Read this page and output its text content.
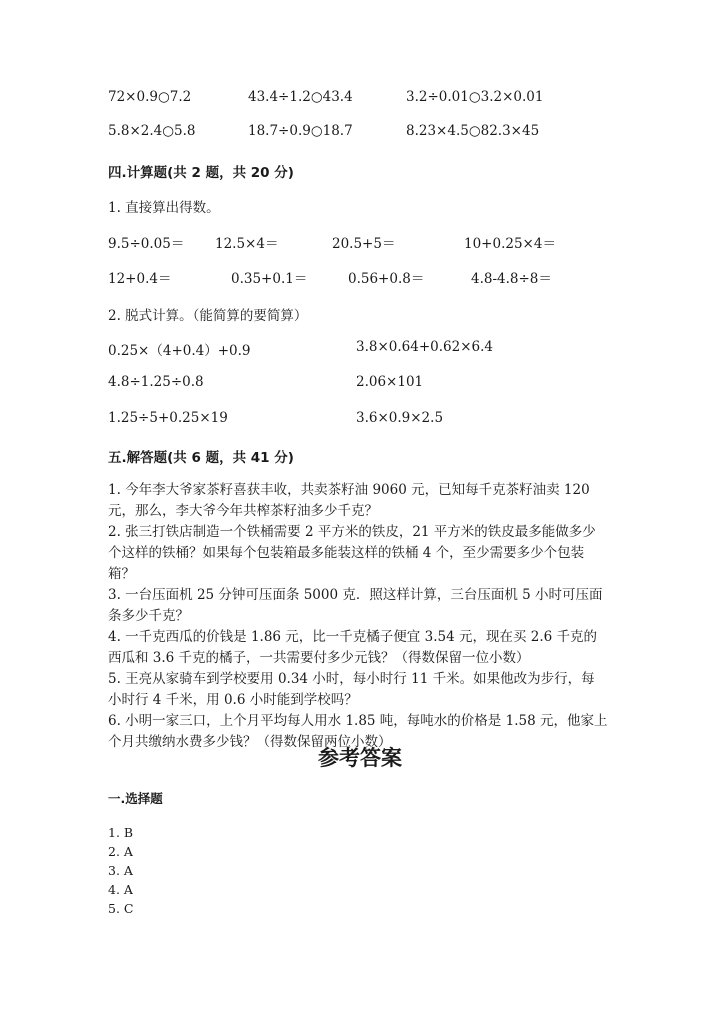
72×0.9○7.2	43.4÷1.2○43.4	3.2÷0.01○3.2×0.01
5.8×2.4○5.8	18.7÷0.9○18.7	8.23×4.5○82.3×45
四.计算题(共 2 题，共 20 分)
1. 直接算出得数。
9.5÷0.05＝ 12.5×4＝	20.5+5＝	10+0.25×4＝
12+0.4＝	0.35+0.1＝	0.56+0.8＝	4.8-4.8÷8＝
2. 脱式计算。（能简算的要简算）
0.25×（4+0.4）+0.9	3.8×0.64+0.62×6.4
4.8÷1.25÷0.8	2.06×101
1.25÷5+0.25×19	3.6×0.9×2.5
五.解答题(共 6 题，共 41 分)

1. 今年李大爷家茶籽喜获丰收，共卖茶籽油 9060 元，已知每千克茶籽油卖 120 元，那么，李大爷今年共榨茶籽油多少千克？

2. 张三打铁店制造一个铁桶需要 2 平方米的铁皮，21 平方米的铁皮最多能做多少个这样的铁桶？如果每个包装箱最多能装这样的铁桶 4 个，至少需要多少个包装箱？

3. 一台压面机 25 分钟可压面条 5000 克．照这样计算，三台压面机 5 小时可压面条多少千克？

4. 一千克西瓜的价钱是 1.86 元，比一千克橘子便宜 3.54 元，现在买 2.6 千克的西瓜和 3.6 千克的橘子，一共需要付多少元钱？（得数保留一位小数）

5. 王亮从家骑车到学校要用 0.34 小时，每小时行 11 千米。如果他改为步行，每小时行 4 千米，用 0.6 小时能到学校吗？

6. 小明一家三口，上个月平均每人用水 1.85 吨，每吨水的价格是 1.58 元，他家上个月共缴纳水费多少钱？（得数保留两位小数）

参考答案
一.选择题
1. B
2. A
3. A
4. A
5. C
